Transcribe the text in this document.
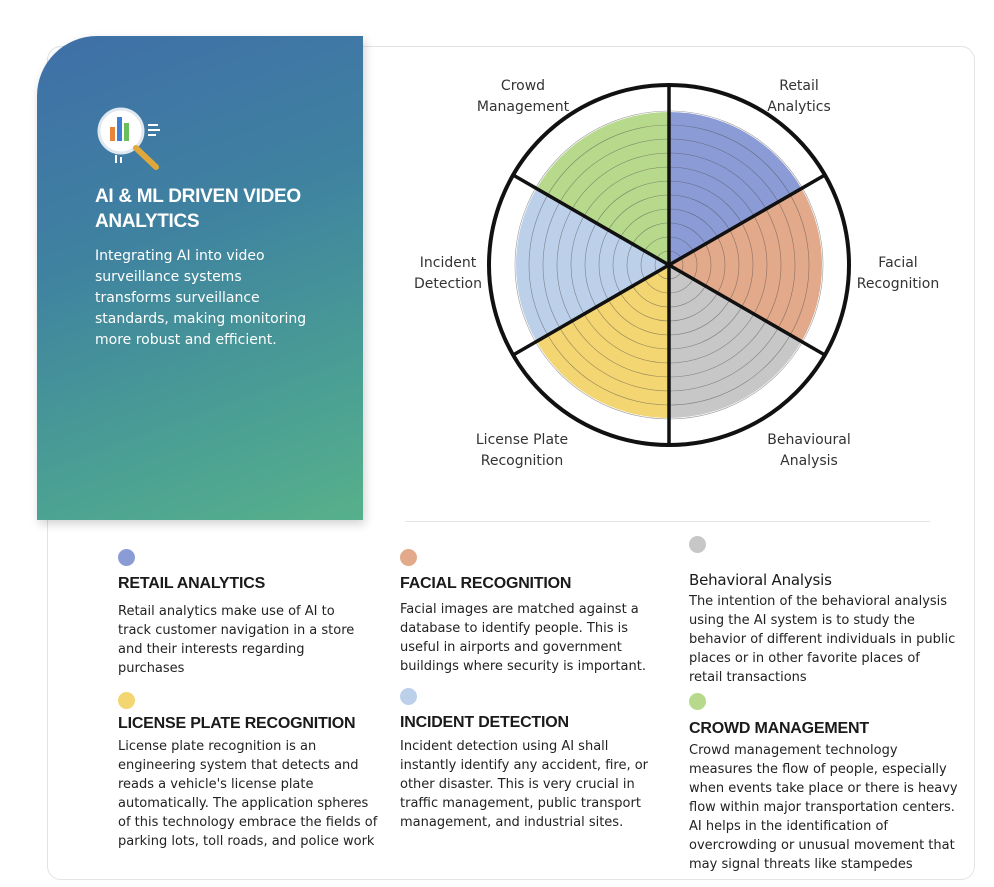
AI & ML DRIVEN VIDEO ANALYTICS
Integrating AI into video surveillance systems transforms surveillance standards, making monitoring more robust and efficient.
Crowd
Management
Retail
Analytics
Incident
Detection
Facial
Recognition
License Plate
Recognition
Behavioural
Analysis
RETAIL ANALYTICS
Retail analytics make use of AI to
track customer navigation in a store
and their interests regarding
purchases
FACIAL RECOGNITION
Facial images are matched against a
database to identify people. This is
useful in airports and government
buildings where security is important.
Behavioral Analysis
The intention of the behavioral analysis
using the AI system is to study the
behavior of different individuals in public
places or in other favorite places of
retail transactions
LICENSE PLATE RECOGNITION
License plate recognition is an
engineering system that detects and
reads a vehicle's license plate
automatically. The application spheres
of this technology embrace the fields of
parking lots, toll roads, and police work
INCIDENT DETECTION
Incident detection using AI shall
instantly identify any accident, fire, or
other disaster. This is very crucial in
traffic management, public transport
management, and industrial sites.
CROWD MANAGEMENT
Crowd management technology
measures the flow of people, especially
when events take place or there is heavy
flow within major transportation centers.
AI helps in the identification of
overcrowding or unusual movement that
may signal threats like stampedes
